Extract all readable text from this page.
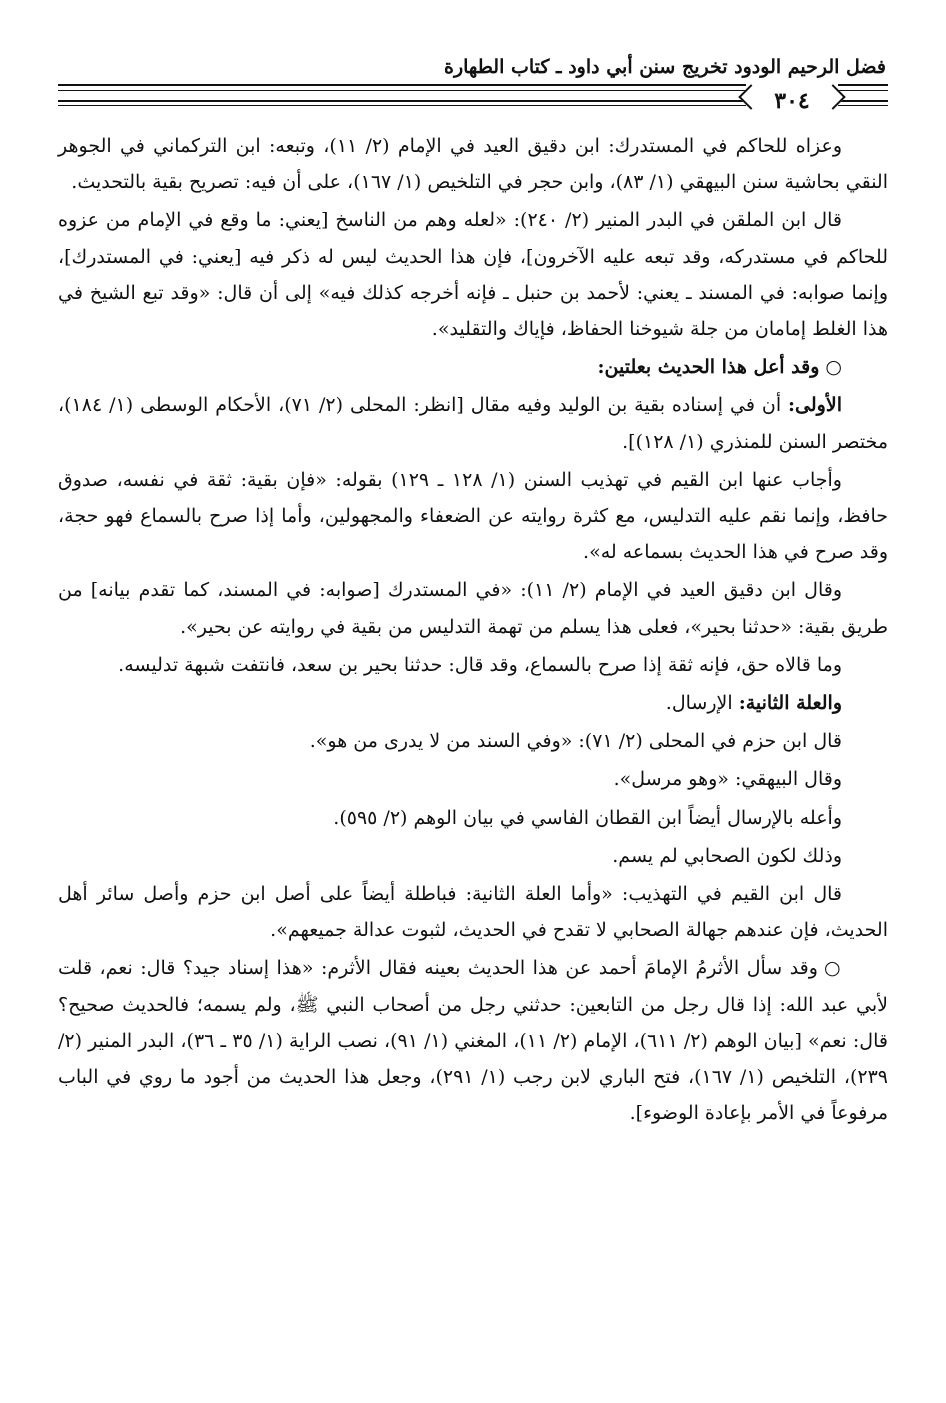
فضل الرحيم الودود تخريج سنن أبي داود ـ كتاب الطهارة
٣٠٤

وعزاه للحاكم في المستدرك: ابن دقيق العيد في الإمام (٢/ ١١)، وتبعه: ابن التركماني في الجوهر النقي بحاشية سنن البيهقي (١/ ٨٣)، وابن حجر في التلخيص (١/ ١٦٧)، على أن فيه: تصريح بقية بالتحديث.

قال ابن الملقن في البدر المنير (٢/ ٢٤٠): «لعله وهم من الناسخ [يعني: ما وقع في الإمام من عزوه للحاكم في مستدركه، وقد تبعه عليه الآخرون]، فإن هذا الحديث ليس له ذكر فيه [يعني: في المستدرك]، وإنما صوابه: في المسند ـ يعني: لأحمد بن حنبل ـ فإنه أخرجه كذلك فيه» إلى أن قال: «وقد تبع الشيخ في هذا الغلط إمامان من جلة شيوخنا الحفاظ، فإياك والتقليد».

○وقد أعل هذا الحديث بعلتين:

الأولى: أن في إسناده بقية بن الوليد وفيه مقال [انظر: المحلى (٢/ ٧١)، الأحكام الوسطى (١/ ١٨٤)، مختصر السنن للمنذري (١/ ١٢٨)].

وأجاب عنها ابن القيم في تهذيب السنن (١/ ١٢٨ ـ ١٢٩) بقوله: «فإن بقية: ثقة في نفسه، صدوق حافظ، وإنما نقم عليه التدليس، مع كثرة روايته عن الضعفاء والمجهولين، وأما إذا صرح بالسماع فهو حجة، وقد صرح في هذا الحديث بسماعه له».

وقال ابن دقيق العيد في الإمام (٢/ ١١): «في المستدرك [صوابه: في المسند، كما تقدم بيانه] من طريق بقية: «حدثنا بحير»، فعلى هذا يسلم من تهمة التدليس من بقية في روايته عن بحير».

وما قالاه حق، فإنه ثقة إذا صرح بالسماع، وقد قال: حدثنا بحير بن سعد، فانتفت شبهة تدليسه.

والعلة الثانية: الإرسال.

قال ابن حزم في المحلى (٢/ ٧١): «وفي السند من لا يدرى من هو».

وقال البيهقي: «وهو مرسل».

وأعله بالإرسال أيضاً ابن القطان الفاسي في بيان الوهم (٢/ ٥٩٥).

وذلك لكون الصحابي لم يسم.

قال ابن القيم في التهذيب: «وأما العلة الثانية: فباطلة أيضاً على أصل ابن حزم وأصل سائر أهل الحديث، فإن عندهم جهالة الصحابي لا تقدح في الحديث، لثبوت عدالة جميعهم».

○وقد سأل الأثرمُ الإمامَ أحمد عن هذا الحديث بعينه فقال الأثرم: «هذا إسناد جيد؟ قال: نعم، قلت لأبي عبد الله: إذا قال رجل من التابعين: حدثني رجل من أصحاب النبي ﷺ، ولم يسمه؛ فالحديث صحيح؟ قال: نعم» [بيان الوهم (٢/ ٦١١)، الإمام (٢/ ١١)، المغني (١/ ٩١)، نصب الراية (١/ ٣٥ ـ ٣٦)، البدر المنير (٢/ ٢٣٩)، التلخيص (١/ ١٦٧)، فتح الباري لابن رجب (١/ ٢٩١)، وجعل هذا الحديث من أجود ما روي في الباب مرفوعاً في الأمر بإعادة الوضوء].
